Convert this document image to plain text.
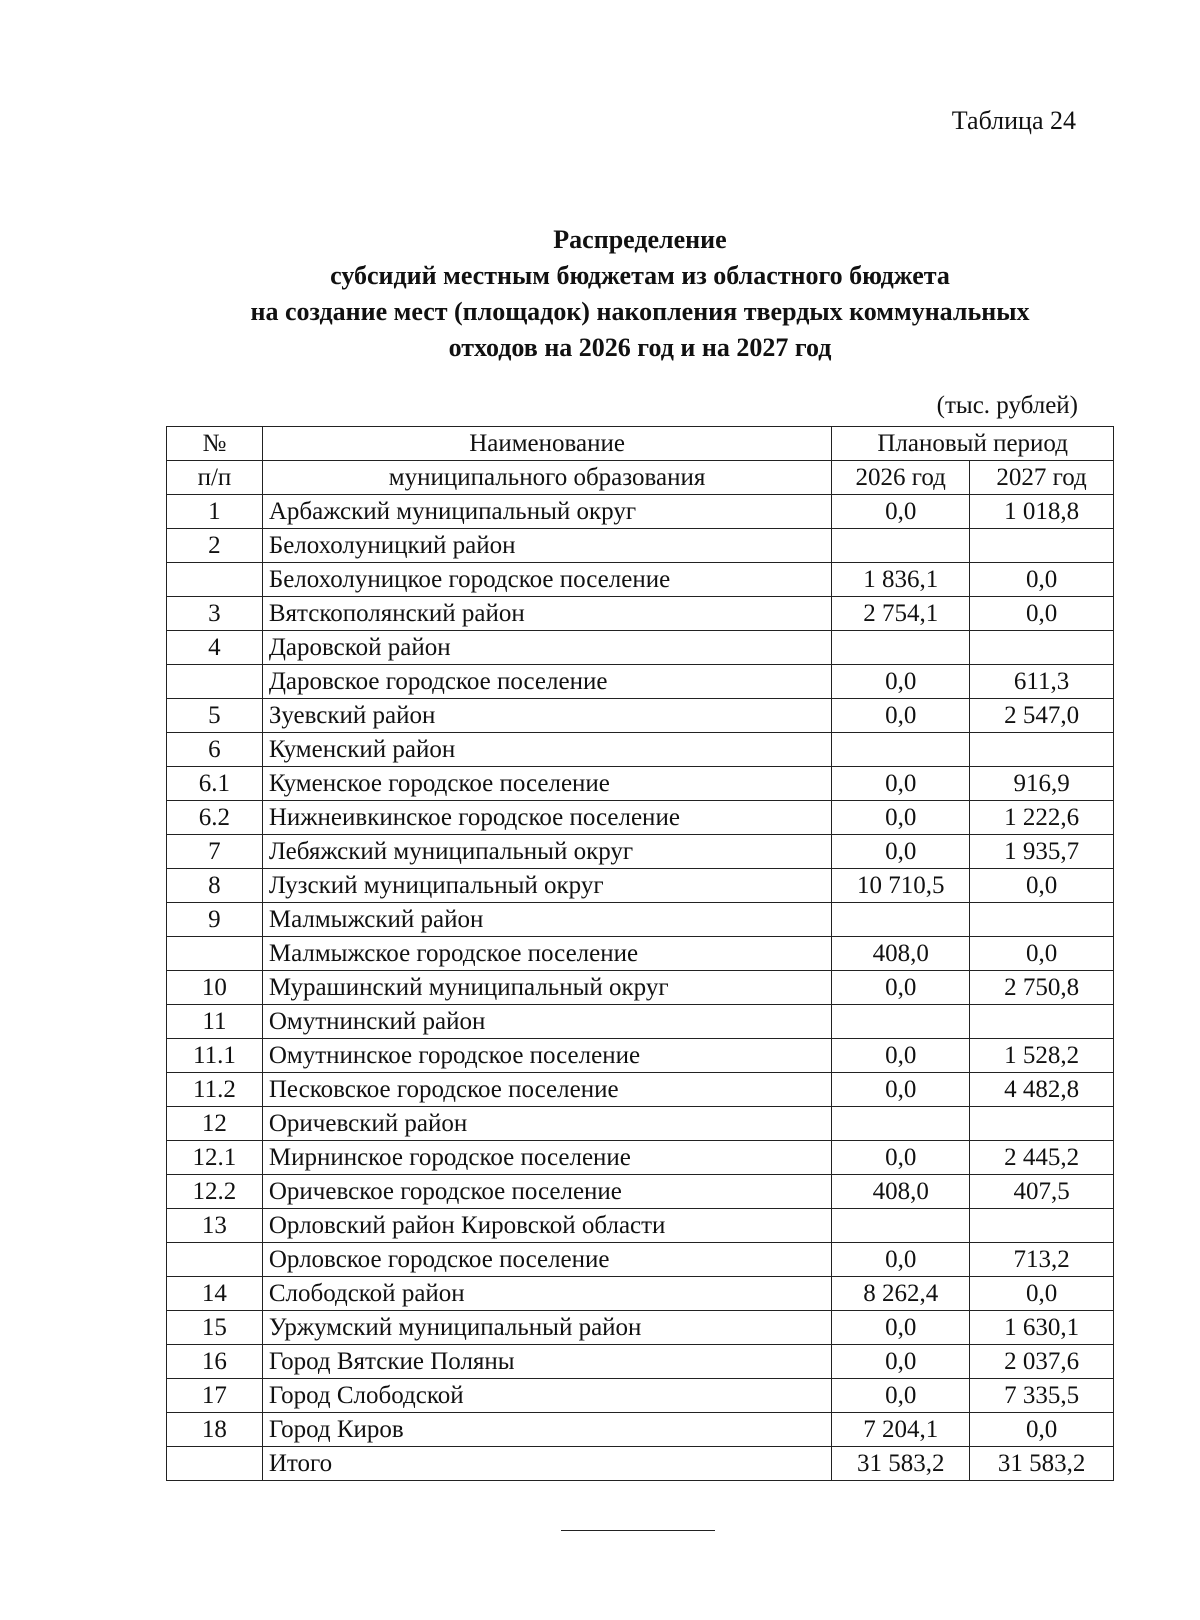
Таблица 24

Распределение
субсидий местным бюджетам из областного бюджета
на создание мест (площадок) накопления твердых коммунальных
отходов на 2026 год и на 2027 год

(тыс. рублей)

№	Наименование	Плановый период	
п/п	муниципального образования	2026 год	2027 год
1	Арбажский муниципальный округ	0,0	1 018,8
2	Белохолуницкий район		
	Белохолуницкое городское поселение	1 836,1	0,0
3	Вятскополянский район	2 754,1	0,0
4	Даровской район		
	Даровское городское поселение	0,0	611,3
5	Зуевский район	0,0	2 547,0
6	Куменский район		
6.1	Куменское городское поселение	0,0	916,9
6.2	Нижнеивкинское городское поселение	0,0	1 222,6
7	Лебяжский муниципальный округ	0,0	1 935,7
8	Лузский муниципальный округ	10 710,5	0,0
9	Малмыжский район		
	Малмыжское городское поселение	408,0	0,0
10	Мурашинский муниципальный округ	0,0	2 750,8
11	Омутнинский район		
11.1	Омутнинское городское поселение	0,0	1 528,2
11.2	Песковское городское поселение	0,0	4 482,8
12	Оричевский район		
12.1	Мирнинское городское поселение	0,0	2 445,2
12.2	Оричевское городское поселение	408,0	407,5
13	Орловский район Кировской области		
	Орловское городское поселение	0,0	713,2
14	Слободской район	8 262,4	0,0
15	Уржумский муниципальный район	0,0	1 630,1
16	Город Вятские Поляны	0,0	2 037,6
17	Город Слободской	0,0	7 335,5
18	Город Киров	7 204,1	0,0
	Итого	31 583,2	31 583,2
